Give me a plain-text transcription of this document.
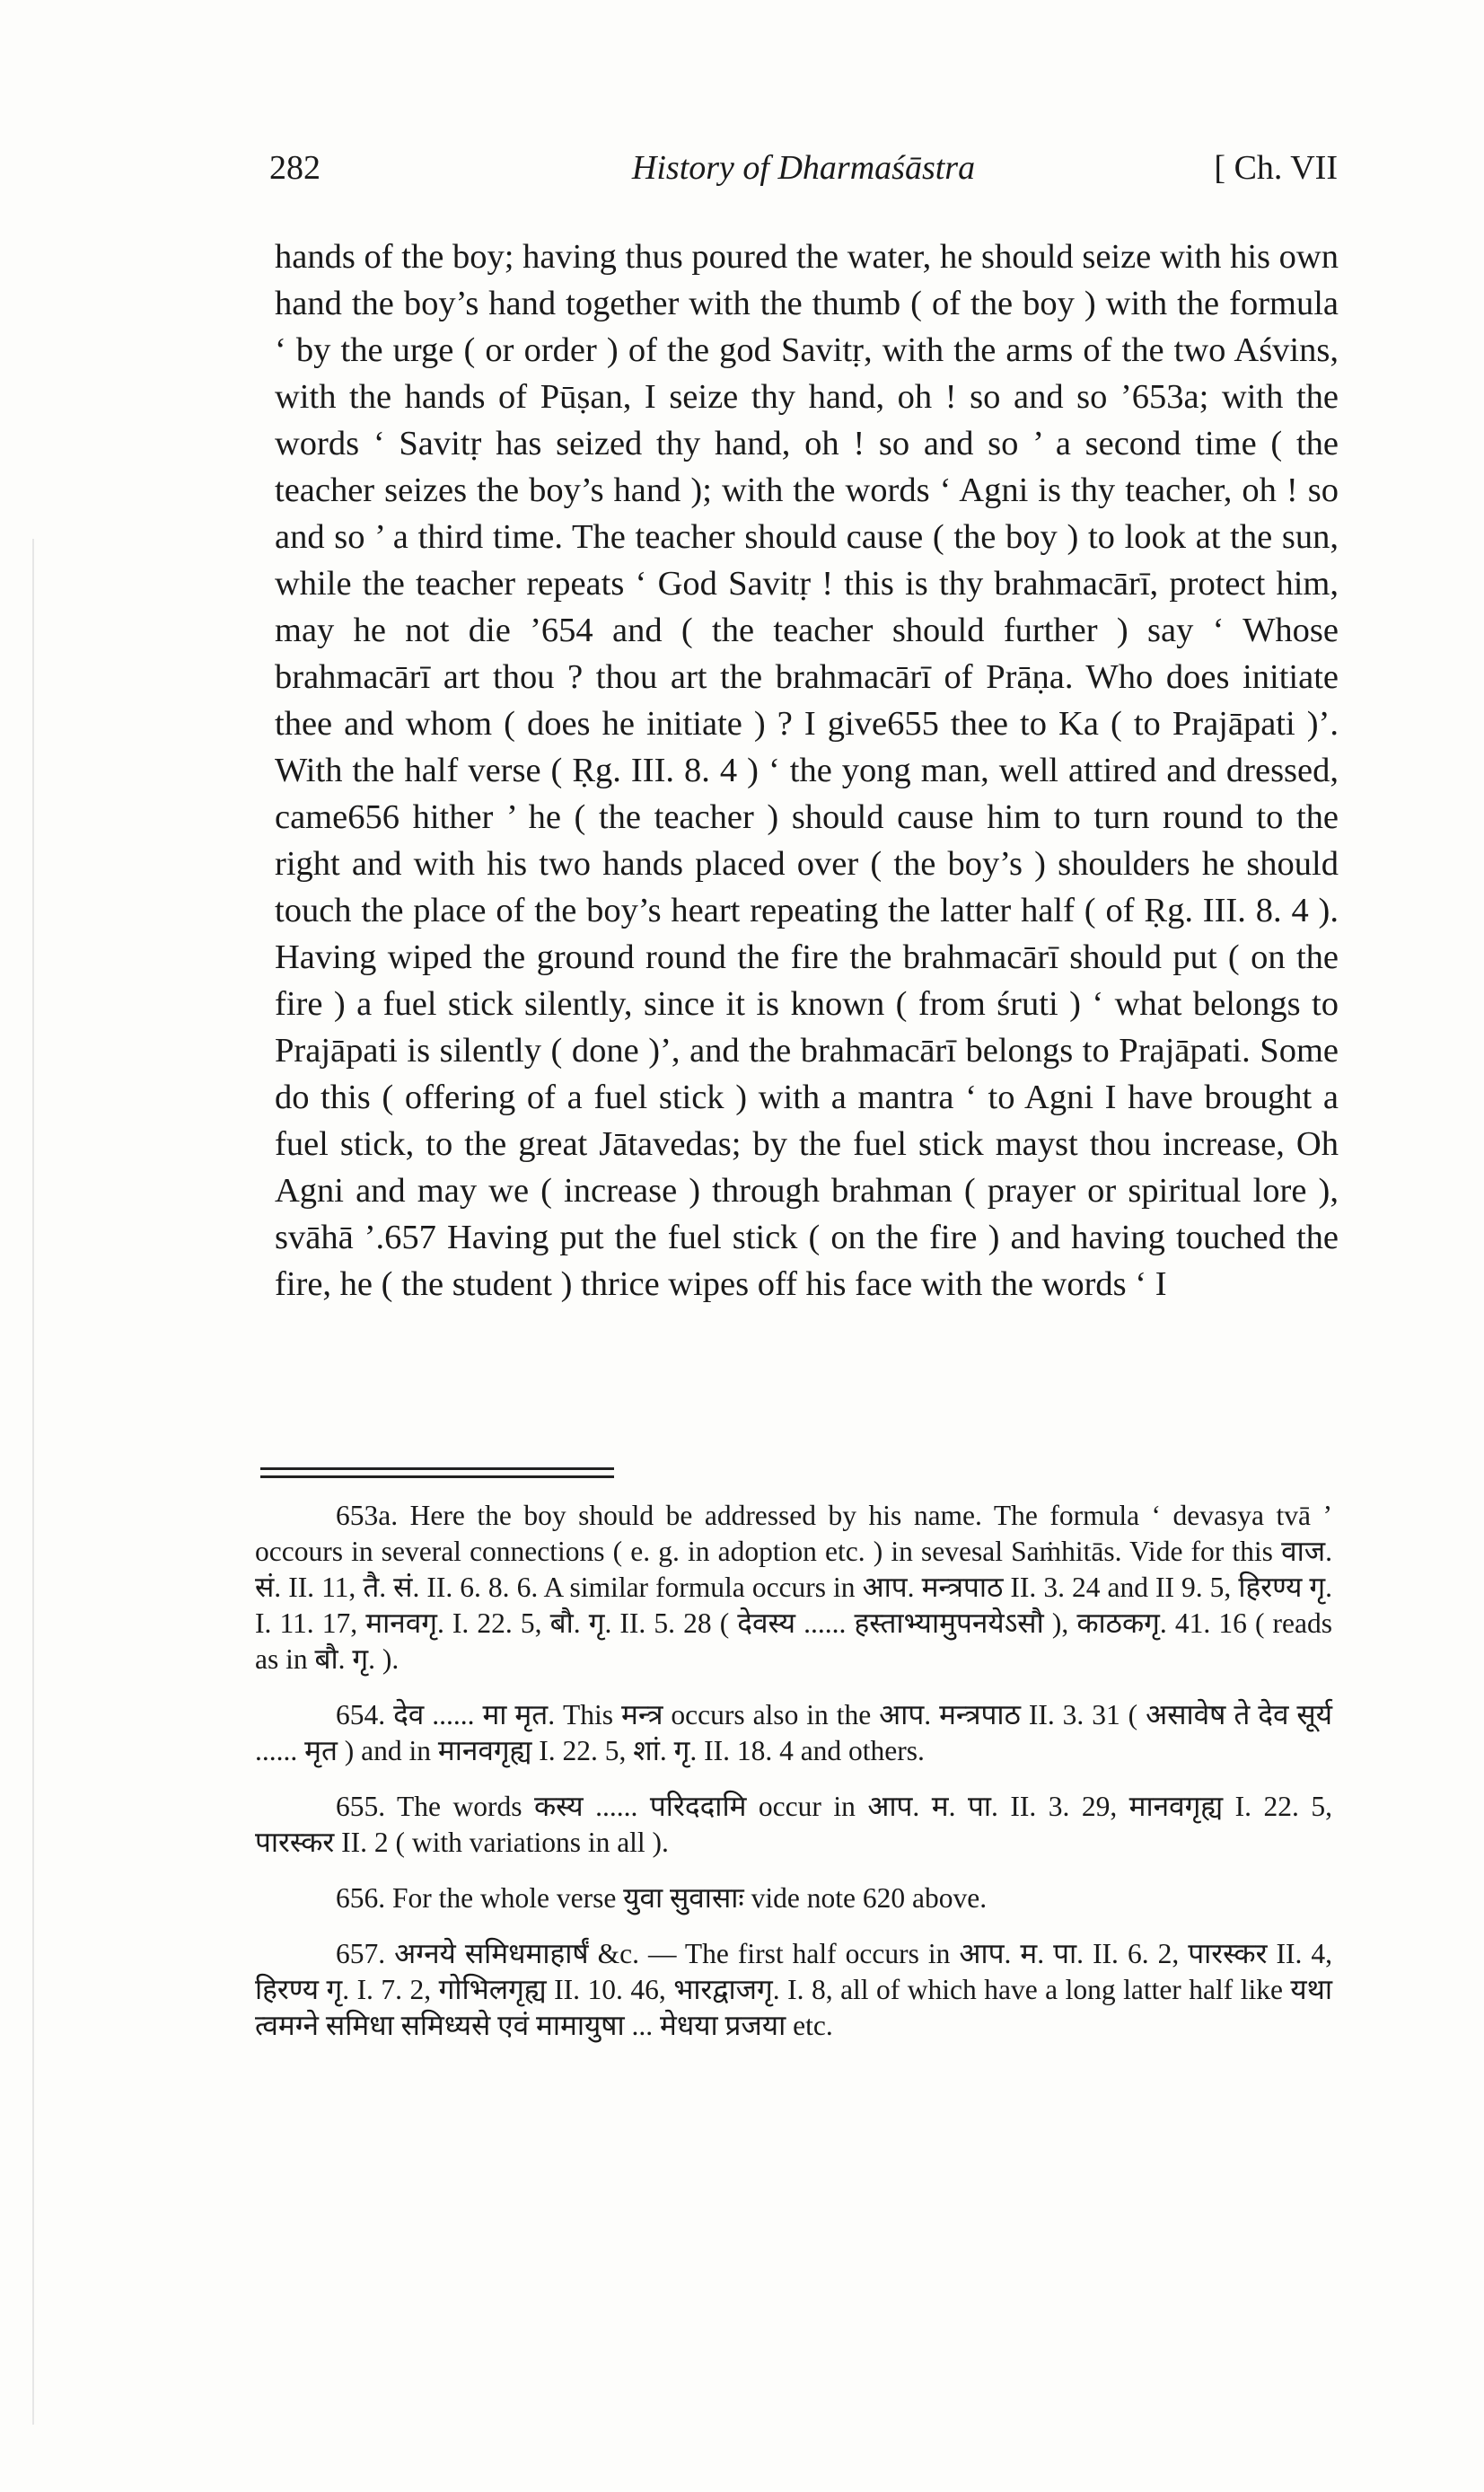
282	History of Dharmaśāstra	[ Ch. VII

hands of the boy; having thus poured the water, he should seize with his own hand the boy’s hand together with the thumb ( of the boy ) with the formula ‘ by the urge ( or order ) of the god Savitṛ, with the arms of the two Aśvins, with the hands of Pūṣan, I seize thy hand, oh ! so and so ’653a; with the words ‘ Savitṛ has seized thy hand, oh ! so and so ’ a second time ( the teacher seizes the boy’s hand ); with the words ‘ Agni is thy teacher, oh ! so and so ’ a third time. The teacher should cause ( the boy ) to look at the sun, while the teacher repeats ‘ God Savitṛ ! this is thy brahmacārī, protect him, may he not die ’654 and ( the teacher should further ) say ‘ Whose brahmacārī art thou ? thou art the brahmacārī of Prāṇa. Who does initiate thee and whom ( does he initiate ) ? I give655 thee to Ka ( to Prajāpati )’. With the half verse ( Ṛg. III. 8. 4 ) ‘ the yong man, well attired and dressed, came656 hither ’ he ( the teacher ) should cause him to turn round to the right and with his two hands placed over ( the boy’s ) shoulders he should touch the place of the boy’s heart repeating the latter half ( of Ṛg. III. 8. 4 ). Having wiped the ground round the fire the brahmacārī should put ( on the fire ) a fuel stick silently, since it is known ( from śruti ) ‘ what belongs to Prajāpati is silently ( done )’, and the brahmacārī belongs to Prajāpati. Some do this ( offering of a fuel stick ) with a mantra ‘ to Agni I have brought a fuel stick, to the great Jātavedas; by the fuel stick mayst thou increase, Oh Agni and may we ( increase ) through brahman ( prayer or spiritual lore ), svāhā ’.657 Having put the fuel stick ( on the fire ) and having touched the fire, he ( the student ) thrice wipes off his face with the words ‘ I

653a. Here the boy should be addressed by his name. The formula ‘ devasya tvā ’ occours in several connections ( e. g. in adoption etc. ) in sevesal Saṁhitās. Vide for this वाज. सं. II. 11, तै. सं. II. 6. 8. 6. A similar formula occurs in आप. मन्त्रपाठ II. 3. 24 and II 9. 5, हिरण्य गृ. I. 11. 17, मानवगृ. I. 22. 5, बौ. गृ. II. 5. 28 ( देवस्य ...... हस्ताभ्यामुपनयेऽसौ ), काठकगृ. 41. 16 ( reads as in बौ. गृ. ).

654. देव ...... मा मृत. This मन्त्र occurs also in the आप. मन्त्रपाठ II. 3. 31 ( असावेष ते देव सूर्य ...... मृत ) and in मानवगृह्य I. 22. 5, शां. गृ. II. 18. 4 and others.

655. The words कस्य ...... परिददामि occur in आप. म. पा. II. 3. 29, मानवगृह्य I. 22. 5, पारस्कर II. 2 ( with variations in all ).

656. For the whole verse युवा सुवासाः vide note 620 above.

657. अग्नये समिधमाहार्षं &c. — The first half occurs in आप. म. पा. II. 6. 2, पारस्कर II. 4, हिरण्य गृ. I. 7. 2, गोभिलगृह्य II. 10. 46, भारद्वाजगृ. I. 8, all of which have a long latter half like यथा त्वमग्ने समिधा समिध्यसे एवं मामायुषा ... मेधया प्रजया etc.
